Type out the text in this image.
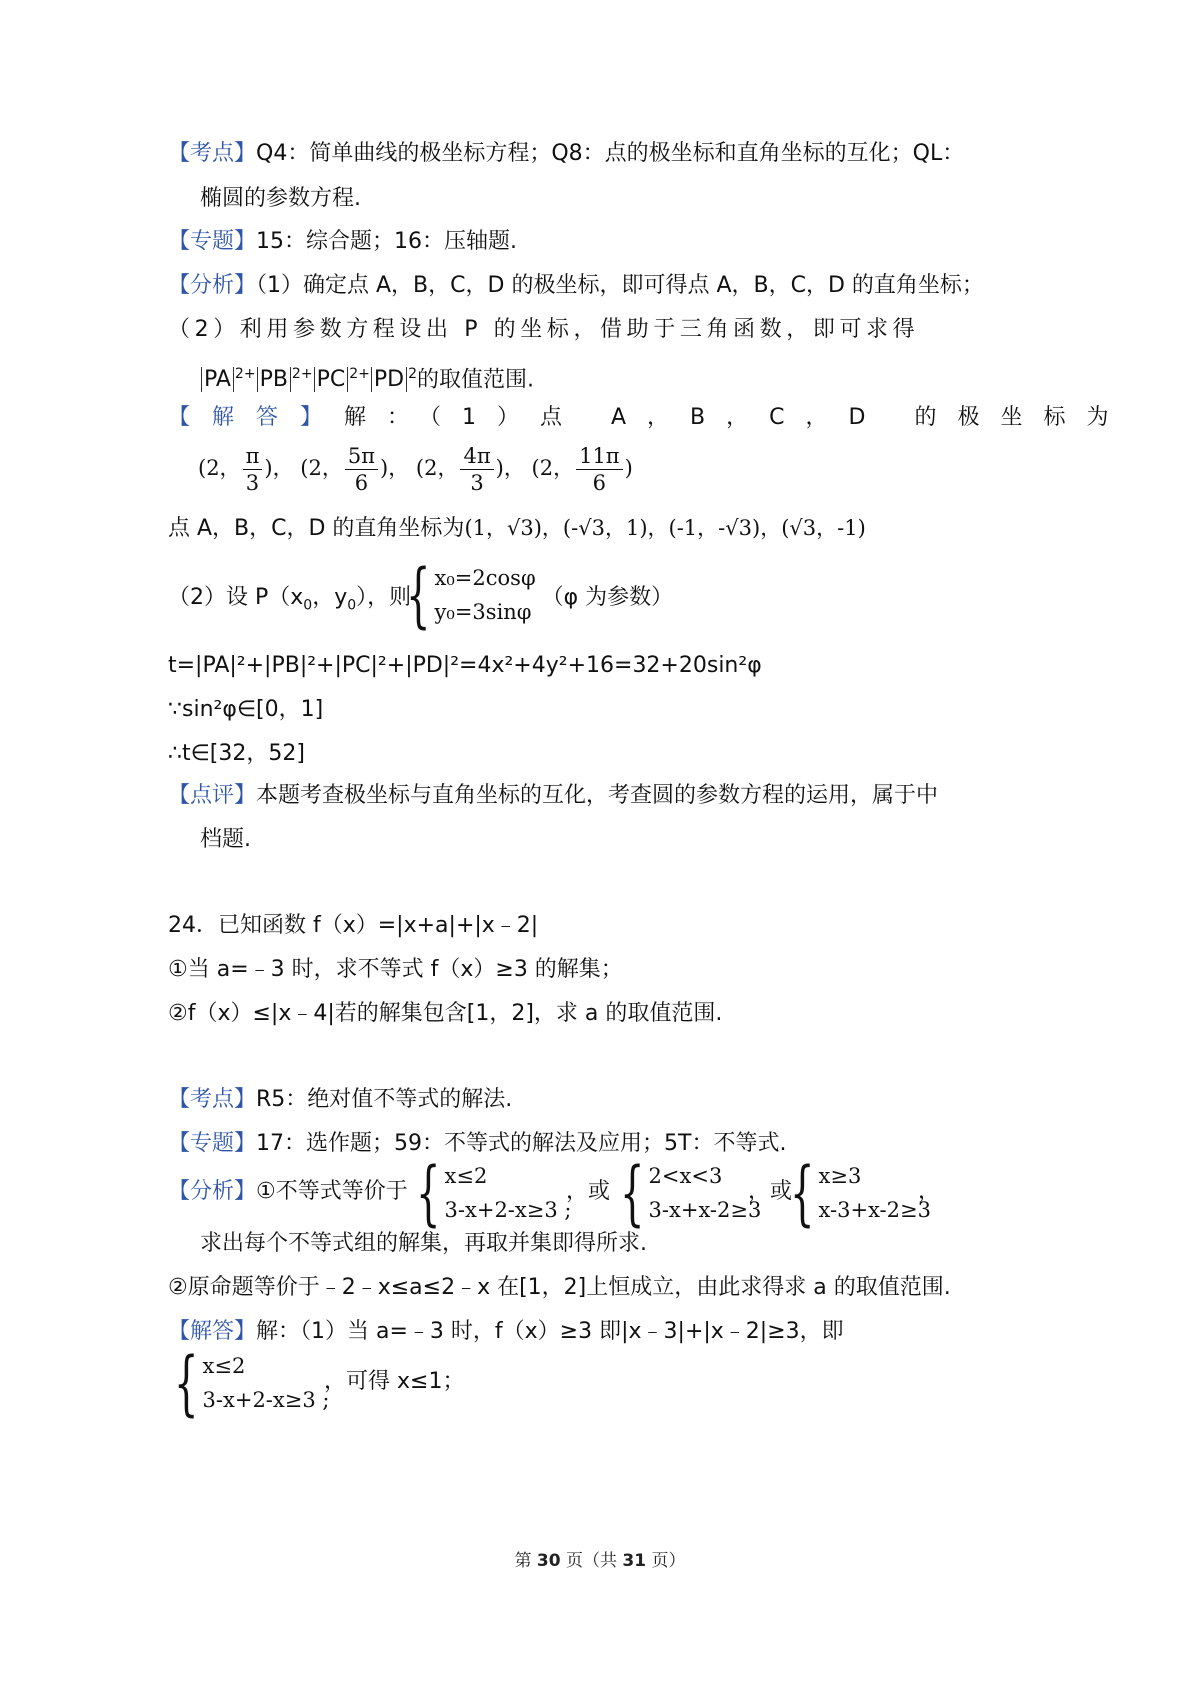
【考点】Q4：简单曲线的极坐标方程；Q8：点的极坐标和直角坐标的互化；QL：
椭圆的参数方程.
【专题】15：综合题；16：压轴题.
【分析】（1）确定点 A，B，C，D 的极坐标，即可得点 A，B，C，D 的直角坐标；
（2）利用参数方程设出 P 的坐标，借助于三角函数，即可求得
PA $^{2+}$ PB $^{2+}$ PC $^{2+}$ PD $^2$的取值范围.
【解答】解：（1）点 A，B，C，D 的极坐标为
(2， $\frac{\pi}{3}$ )， (2， $\frac{5\pi}{6}$ )， (2， $\frac{4\pi}{3}$ )， (2， $\frac{11\pi}{6}$ )
点 A，B，C，D 的直角坐标为(1，√3)，(-√3，1)，(-1，-√3)，(√3，-1)
（2）设 $P(x_0$，$y_0$），则
{ x₀=2cosφ
y₀=3sinφ
（φ 为参数）
t=|PA|²+|PB|²+|PC|²+|PD|²=4x²+4y²+16=32+20sin²φ
∵sin²φ∈[0，1]
∴t∈[32，52]
【点评】本题考查极坐标与直角坐标的互化，考查圆的参数方程的运用，属于中
档题.
24．已知函数 f（x）=|x+a|+|x﹣2|
①当 a=﹣3 时，求不等式 f（x）≥3 的解集；
②f（x）≤|x﹣4|若的解集包含[1，2]，求 a 的取值范围.
【考点】R5：绝对值不等式的解法.
【专题】17：选作题；59：不等式的解法及应用；5T：不等式.
【分析】①不等式等价于 { x≤2
3-x+2-x≥3 ;
，或 { 2<x<3
3-x+x-2≥3
，或
{ x≥3
x-3+x-2≥3
，
求出每个不等式组的解集，再取并集即得所求.
②原命题等价于﹣2﹣x≤a≤2﹣x 在[1，2]上恒成立，由此求得求 a 的取值范围.
【解答】解：（1）当 a=﹣3 时，f（x）≥3 即|x﹣3|+|x﹣2|≥3，即
{ x≤2
3-x+2-x≥3 ;
，可得 x≤1；
第 30 页（共 31 页）
